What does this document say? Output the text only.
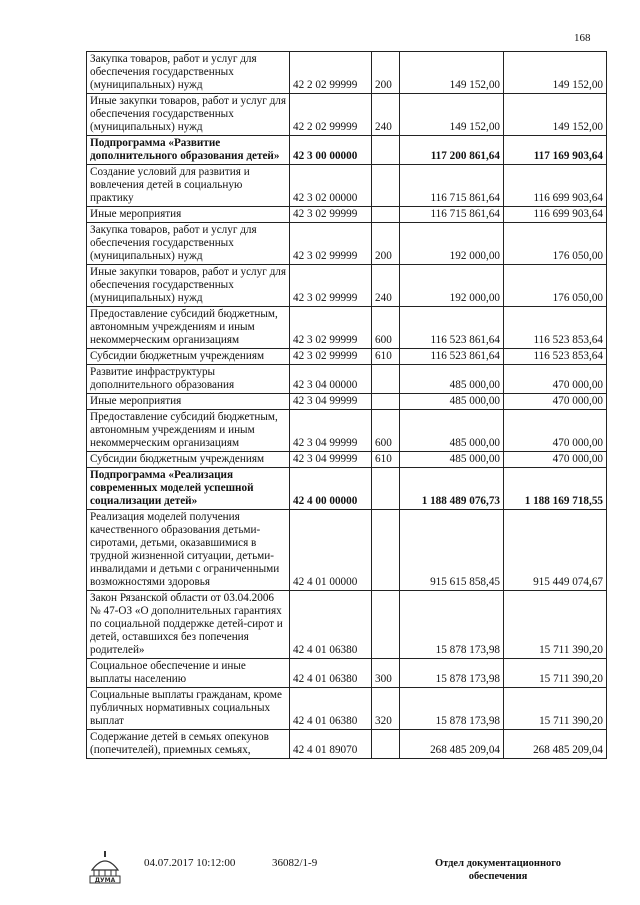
168
Закупка товаров, работ и услуг для обеспечения государственных (муниципальных) нужд	42 2 02 99999	200	149 152,00	149 152,00
Иные закупки товаров, работ и услуг для обеспечения государственных (муниципальных) нужд	42 2 02 99999	240	149 152,00	149 152,00
Подпрограмма «Развитие дополнительного образования детей»	42 3 00 00000		117 200 861,64	117 169 903,64
Создание условий для развития и вовлечения детей в социальную практику	42 3 02 00000		116 715 861,64	116 699 903,64
Иные мероприятия	42 3 02 99999		116 715 861,64	116 699 903,64
Закупка товаров, работ и услуг для обеспечения государственных (муниципальных) нужд	42 3 02 99999	200	192 000,00	176 050,00
Иные закупки товаров, работ и услуг для обеспечения государственных (муниципальных) нужд	42 3 02 99999	240	192 000,00	176 050,00
Предоставление субсидий бюджетным, автономным учреждениям и иным некоммерческим организациям	42 3 02 99999	600	116 523 861,64	116 523 853,64
Субсидии бюджетным учреждениям	42 3 02 99999	610	116 523 861,64	116 523 853,64
Развитие инфраструктуры дополнительного образования	42 3 04 00000		485 000,00	470 000,00
Иные мероприятия	42 3 04 99999		485 000,00	470 000,00
Предоставление субсидий бюджетным, автономным учреждениям и иным некоммерческим организациям	42 3 04 99999	600	485 000,00	470 000,00
Субсидии бюджетным учреждениям	42 3 04 99999	610	485 000,00	470 000,00
Подпрограмма «Реализация современных моделей успешной социализации детей»	42 4 00 00000		1 188 489 076,73	1 188 169 718,55
Реализация моделей получения качественного образования детьми-сиротами, детьми, оказавшимися в трудной жизненной ситуации, детьми-инвалидами и детьми с ограниченными возможностями здоровья	42 4 01 00000		915 615 858,45	915 449 074,67
Закон Рязанской области от 03.04.2006 № 47-ОЗ «О дополнительных гарантиях по социальной поддержке детей-сирот и детей, оставшихся без попечения родителей»	42 4 01 06380		15 878 173,98	15 711 390,20
Социальное обеспечение и иные выплаты населению	42 4 01 06380	300	15 878 173,98	15 711 390,20
Социальные выплаты гражданам, кроме публичных нормативных социальных выплат	42 4 01 06380	320	15 878 173,98	15 711 390,20
Содержание детей в семьях опекунов (попечителей), приемных семьях,	42 4 01 89070		268 485 209,04	268 485 209,04
ДУМА
04.07.2017 10:12:00	36082/1-9	Отдел документационного обеспечения
